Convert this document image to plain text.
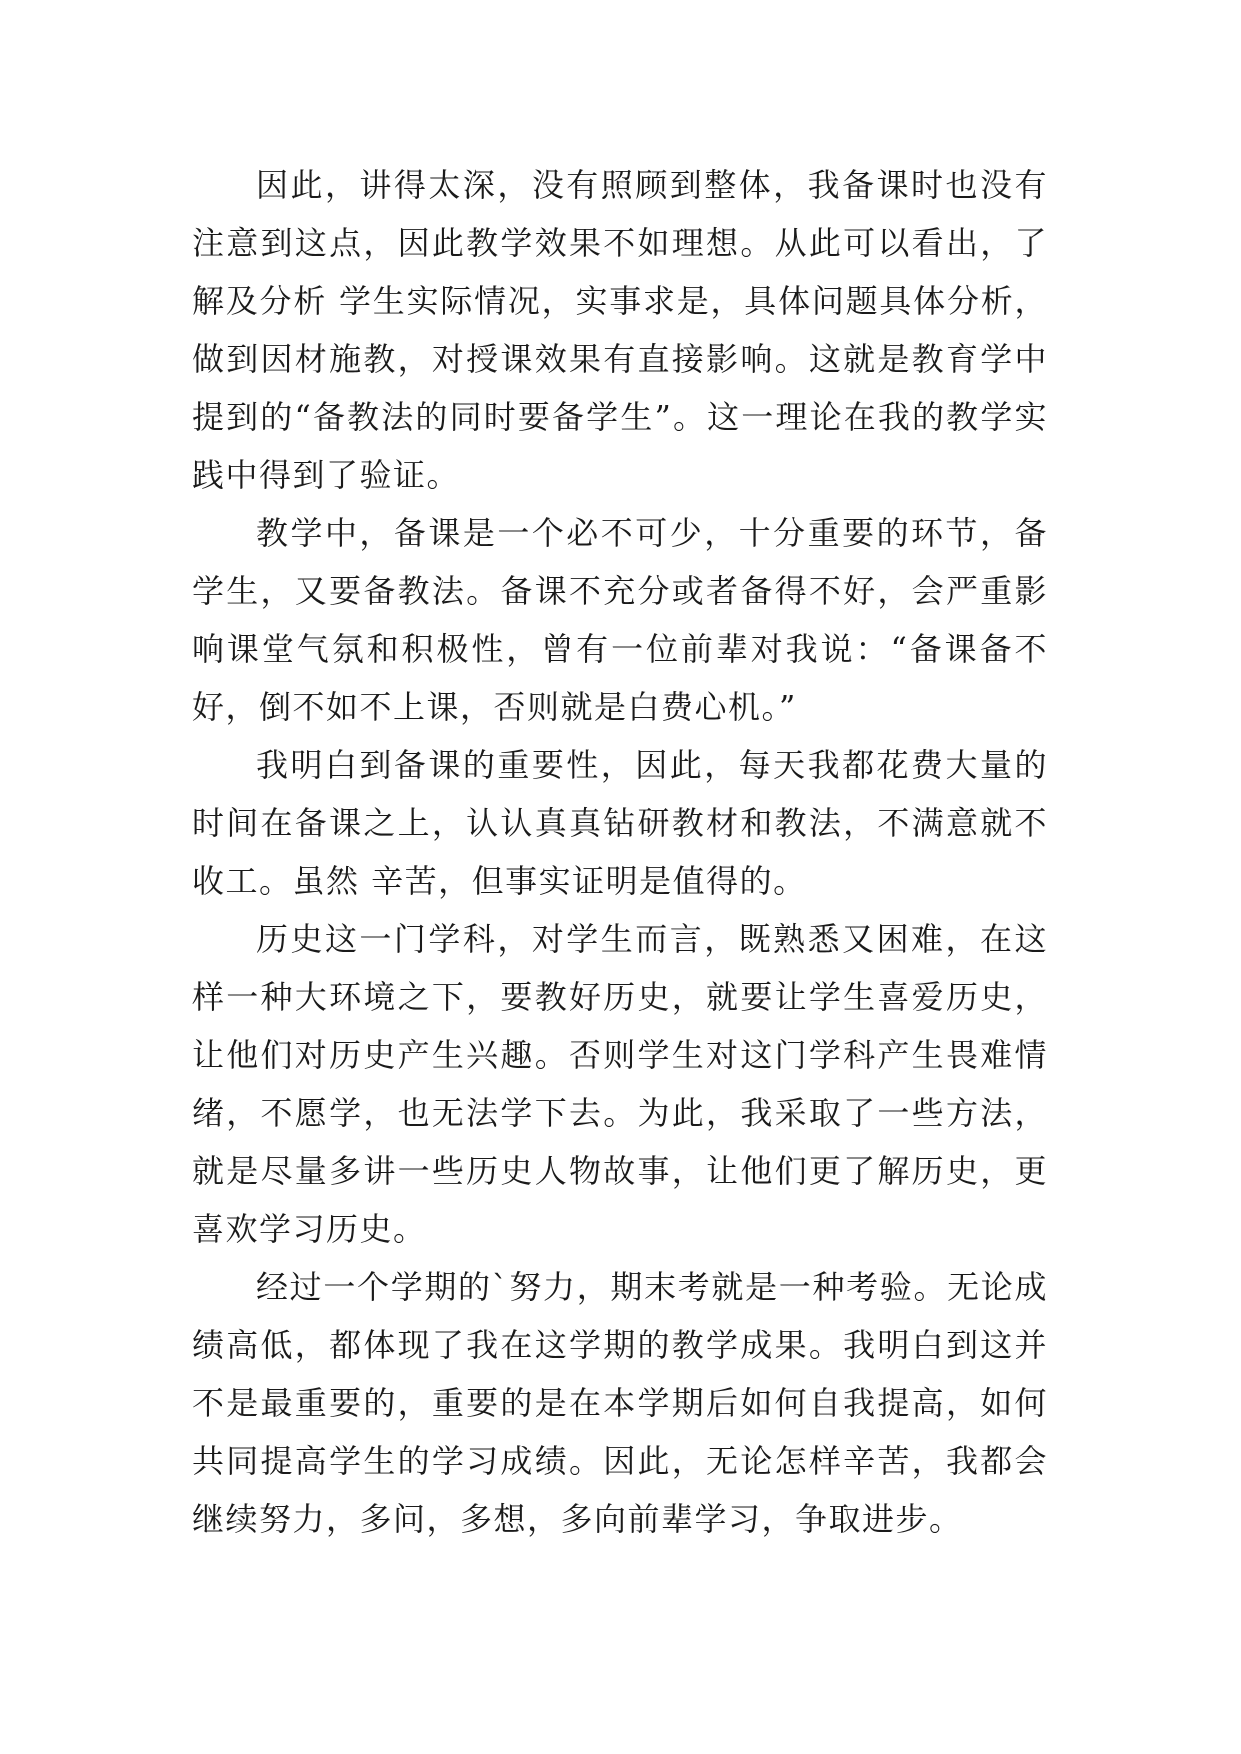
因此，讲得太深，没有照顾到整体，我备课时也没有注意到这点，因此教学效果不如理想。从此可以看出，了解及分析 学生实际情况，实事求是，具体问题具体分析，做到因材施教，对授课效果有直接影响。这就是教育学中提到的“备教法的同时要备学生”。这一理论在我的教学实践中得到了验证。

教学中，备课是一个必不可少，十分重要的环节，备学生，又要备教法。备课不充分或者备得不好，会严重影响课堂气氛和积极性，曾有一位前辈对我说：“备课备不好，倒不如不上课，否则就是白费心机。”

我明白到备课的重要性，因此，每天我都花费大量的时间在备课之上，认认真真钻研教材和教法，不满意就不收工。虽然 辛苦，但事实证明是值得的。

历史这一门学科，对学生而言，既熟悉又困难，在这样一种大环境之下，要教好历史，就要让学生喜爱历史，让他们对历史产生兴趣。否则学生对这门学科产生畏难情绪，不愿学，也无法学下去。为此，我采取了一些方法，就是尽量多讲一些历史人物故事，让他们更了解历史，更喜欢学习历史。

经过一个学期的`努力，期末考就是一种考验。无论成绩高低，都体现了我在这学期的教学成果。我明白到这并不是最重要的，重要的是在本学期后如何自我提高，如何共同提高学生的学习成绩。因此，无论怎样辛苦，我都会继续努力，多问，多想，多向前辈学习，争取进步。
